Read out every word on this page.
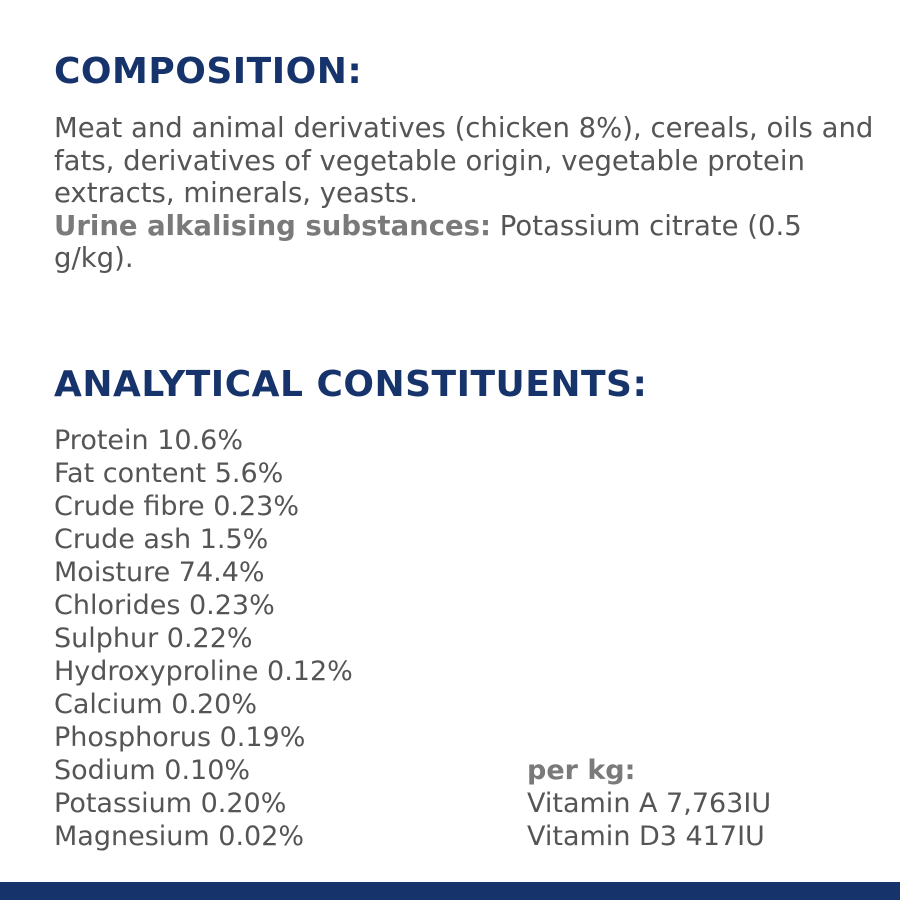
COMPOSITION:

Meat and animal derivatives (chicken 8%), cereals, oils and fats, derivatives of vegetable origin, vegetable protein extracts, minerals, yeasts.
Urine alkalising substances: Potassium citrate (0.5 g/kg).

ANALYTICAL CONSTITUENTS:
Protein 10.6%
Fat content 5.6%
Crude fibre 0.23%
Crude ash 1.5%
Moisture 74.4%
Chlorides 0.23%
Sulphur 0.22%
Hydroxyproline 0.12%
Calcium 0.20%
Phosphorus 0.19%
Sodium 0.10%
Potassium 0.20%
Magnesium 0.02%
per kg:
Vitamin A 7,763IU
Vitamin D3 417IU
